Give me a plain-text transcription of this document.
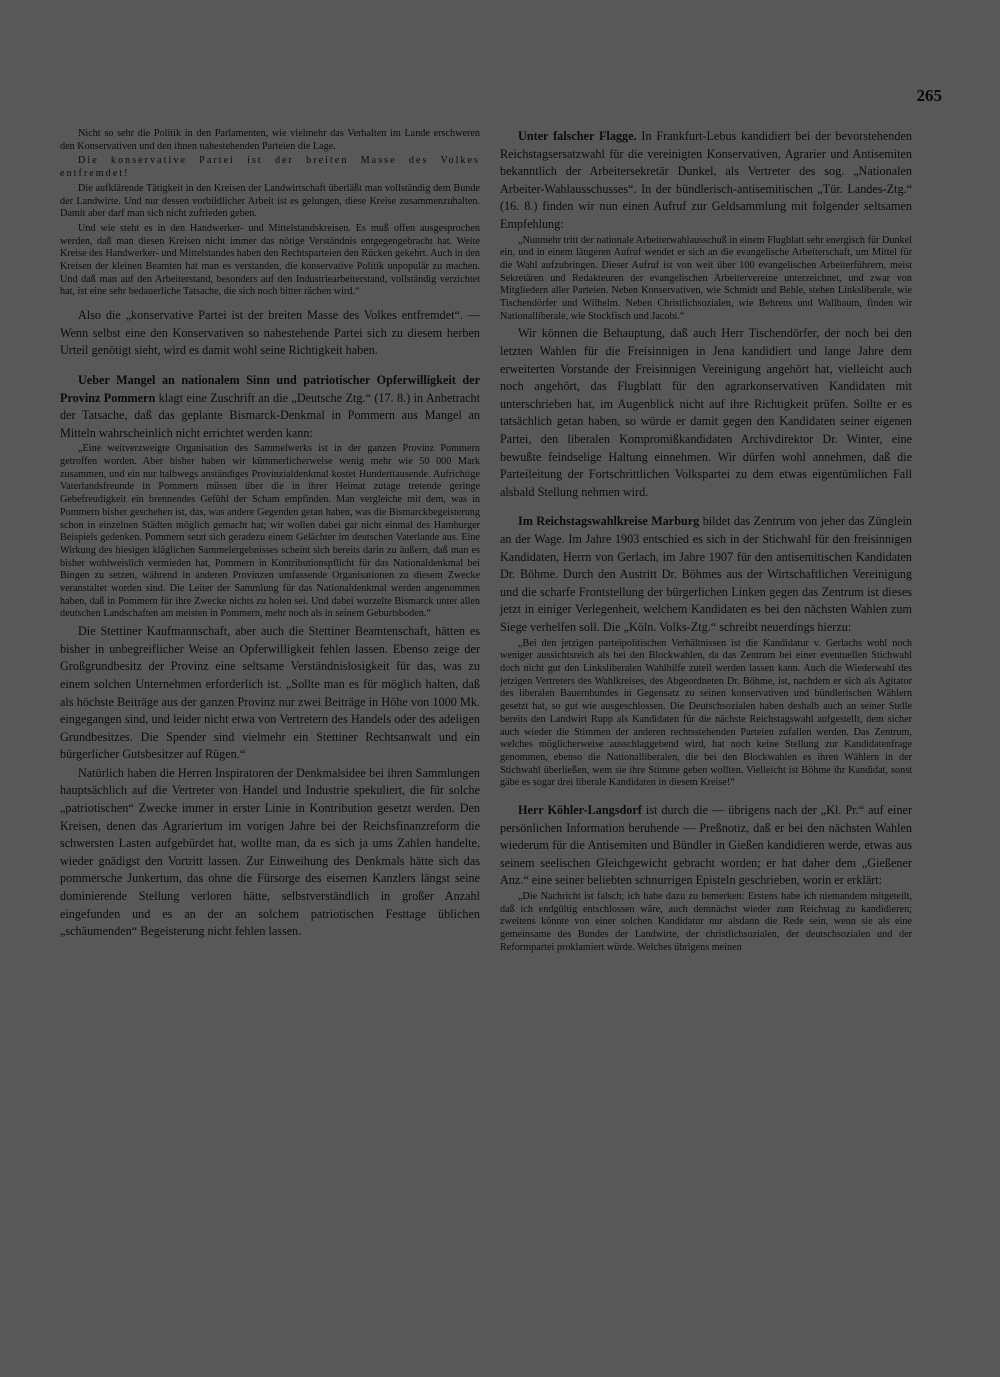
265

Nicht so sehr die Politik in den Parlamenten, wie vielmehr das Verhalten im Lande erschweren den Konservativen und den ihnen nahestehenden Parteien die Lage.

Die konservative Partei ist der breiten Masse des Volkes entfremdet!

Die aufklärende Tätigkeit in den Kreisen der Landwirtschaft überläßt man vollständig dem Bunde der Landwirte. Und nur dessen vorbildlicher Arbeit ist es gelungen, diese Kreise zusammenzuhalten. Damit aber darf man sich nicht zufrieden geben.

Und wie steht es in den Handwerker- und Mittelstandskreisen. Es muß offen ausgesprochen werden, daß man diesen Kreisen nicht immer das nötige Verständnis entgegengebracht hat. Weite Kreise des Handwerker- und Mittelstandes haben den Rechtsparteien den Rücken gekehrt. Auch in den Kreisen der kleinen Beamten hat man es verstanden, die konservative Politik unpopulär zu machen. Und daß man auf den Arbeiterstand, besonders auf den Industriearbeiterstand, vollständig verzichtet hat, ist eine sehr bedauerliche Tatsache, die sich noch bitter rächen wird.“

Also die „konservative Partei ist der breiten Masse des Volkes entfremdet“. — Wenn selbst eine den Konservativen so nahestehende Partei sich zu diesem herben Urteil genötigt sieht, wird es damit wohl seine Richtigkeit haben.

Ueber Mangel an nationalem Sinn und patriotischer Opferwilligkeit der Provinz Pommern klagt eine Zuschrift an die „Deutsche Ztg.“ (17. 8.) in Anbetracht der Tatsache, daß das geplante Bismarck-Denkmal in Pommern aus Mangel an Mitteln wahrscheinlich nicht errichtet werden kann:

„Eine weitverzweigte Organisation des Sammelwerks ist in der ganzen Provinz Pommern getroffen worden. Aber bisher haben wir kümmerlicherweise wenig mehr wie 50 000 Mark zusammen, und ein nur halbwegs anständiges Provinzialdenkmal kostet Hunderttausende. Aufrichtige Vaterlandsfreunde in Pommern müssen über die in ihrer Heimat zutage tretende geringe Gebefreudigkeit ein brennendes Gefühl der Scham empfinden. Man vergleiche mit dem, was in Pommern bisher geschehen ist, das, was andere Gegenden getan haben, was die Bismarckbegeisterung schon in einzelnen Städten möglich gemacht hat; wir wollen dabei gar nicht einmal des Hamburger Beispiels gedenken. Pommern setzt sich geradezu einem Gelächter im deutschen Vaterlande aus. Eine Wirkung des hiesigen kläglichen Sammelergebnisses scheint sich bereits darin zu äußern, daß man es bisher wohlweislich vermieden hat, Pommern in Kontributionspflicht für das Nationaldenkmal bei Bingen zu setzen, während in anderen Provinzen umfassende Organisationen zu diesem Zwecke veranstaltet worden sind. Die Leiter der Sammlung für das Nationaldenkmal werden angenommen haben, daß in Pommern für ihre Zwecke nichts zu holen sei. Und dabei wurzelte Bismarck unter allen deutschen Landschaften am meisten in Pommern, mehr noch als in seinem Geburtsboden.“

Die Stettiner Kaufmannschaft, aber auch die Stettiner Beamtenschaft, hätten es bisher in unbegreiflicher Weise an Opferwilligkeit fehlen lassen. Ebenso zeige der Großgrundbesitz der Provinz eine seltsame Verständnislosigkeit für das, was zu einem solchen Unternehmen erforderlich ist. „Sollte man es für möglich halten, daß als höchste Beiträge aus der ganzen Provinz nur zwei Beiträge in Höhe von 1000 Mk. eingegangen sind, und leider nicht etwa von Vertretern des Handels oder des adeligen Grundbesitzes. Die Spender sind vielmehr ein Stettiner Rechtsanwalt und ein bürgerlicher Gutsbesitzer auf Rügen.“

Natürlich haben die Herren Inspiratoren der Denkmalsidee bei ihren Sammlungen hauptsächlich auf die Vertreter von Handel und Industrie spekuliert, die für solche „patriotischen“ Zwecke immer in erster Linie in Kontribution gesetzt werden. Den Kreisen, denen das Agrariertum im vorigen Jahre bei der Reichsfinanzreform die schwersten Lasten aufgebürdet hat, wollte man, da es sich ja ums Zahlen handelte, wieder gnädigst den Vortritt lassen. Zur Einweihung des Denkmals hätte sich das pommersche Junkertum, das ohne die Fürsorge des eisernen Kanzlers längst seine dominierende Stellung verloren hätte, selbstverständlich in großer Anzahl eingefunden und es an der an solchem patriotischen Festtage üblichen „schäumenden“ Begeisterung nicht fehlen lassen.

Unter falscher Flagge. In Frankfurt-Lebus kandidiert bei der bevorstehenden Reichstagsersatzwahl für die vereinigten Konservativen, Agrarier und Antisemiten bekanntlich der Arbeitersekretär Dunkel, als Vertreter des sog. „Nationalen Arbeiter-Wahlausschusses“. In der bündlerisch-antisemitischen „Tür. Landes-Ztg.“ (16. 8.) finden wir nun einen Aufruf zur Geldsammlung mit folgender seltsamen Empfehlung:

„Nunmehr tritt der nationale Arbeiterwahlausschuß in einem Flugblatt sehr energisch für Dunkel ein, und in einem längeren Aufruf wendet er sich an die evangelische Arbeiterschaft, um Mittel für die Wahl aufzubringen. Dieser Aufruf ist von weit über 100 evangelischen Arbeiterführern, meist Sekretären und Redakteuren der evangelischen Arbeitervereine unterzeichnet, und zwar von Mitgliedern aller Parteien. Neben Konservativen, wie Schmidt und Behle, stehen Linksliberale, wie Tischendörfer und Wilhelm. Neben Christlichsozialen, wie Behrens und Wallbaum, finden wir Nationalliberale, wie Stockfisch und Jacobi.“

Wir können die Behauptung, daß auch Herr Tischendörfer, der noch bei den letzten Wahlen für die Freisinnigen in Jena kandidiert und lange Jahre dem erweiterten Vorstande der Freisinnigen Vereinigung angehört hat, vielleicht auch noch angehört, das Flugblatt für den agrarkonservativen Kandidaten mit unterschrieben hat, im Augenblick nicht auf ihre Richtigkeit prüfen. Sollte er es tatsächlich getan haben, so würde er damit gegen den Kandidaten seiner eigenen Partei, den liberalen Kompromißkandidaten Archivdirektor Dr. Winter, eine bewußte feindselige Haltung einnehmen. Wir dürfen wohl annehmen, daß die Parteileitung der Fortschrittlichen Volkspartei zu dem etwas eigentümlichen Fall alsbald Stellung nehmen wird.

Im Reichstagswahlkreise Marburg bildet das Zentrum von jeher das Zünglein an der Wage. Im Jahre 1903 entschied es sich in der Stichwahl für den freisinnigen Kandidaten, Herrn von Gerlach, im Jahre 1907 für den antisemitischen Kandidaten Dr. Böhme. Durch den Austritt Dr. Böhmes aus der Wirtschaftlichen Vereinigung und die scharfe Frontstellung der bürgerlichen Linken gegen das Zentrum ist dieses jetzt in einiger Verlegenheit, welchem Kandidaten es bei den nächsten Wahlen zum Siege verhelfen soll. Die „Köln. Volks-Ztg.“ schreibt neuerdings hierzu:

„Bei den jetzigen parteipolitischen Verhältnissen ist die Kandidatur v. Gerlachs wohl noch weniger aussichtsreich als bei den Blockwahlen, da das Zentrum bei einer eventuellen Stichwahl doch nicht gut den Linksliberalen Wahlhilfe zuteil werden lassen kann. Auch die Wiederwahl des jetzigen Vertreters des Wahlkreises, des Abgeordneten Dr. Böhme, ist, nachdem er sich als Agitator des liberalen Bauernbundes in Gegensatz zu seinen konservativen und bündlerischen Wählern gesetzt hat, so gut wie ausgeschlossen. Die Deutschsozialen haben deshalb auch an seiner Stelle bereits den Landwirt Rupp als Kandidaten für die nächste Reichstagswahl aufgestellt, dem sicher auch wieder die Stimmen der anderen rechtsstehenden Parteien zufallen werden. Das Zentrum, welches möglicherweise ausschlaggebend wird, hat noch keine Stellung zur Kandidatenfrage genommen, ebenso die Nationalliberalen, die bei den Blockwahlen es ihren Wählern in der Stichwahl überließen, wem sie ihre Stimme geben wollten. Vielleicht ist Böhme ihr Kandidat, sonst gäbe es sogar drei liberale Kandidaten in diesem Kreise!“

Herr Köhler-Langsdorf ist durch die — übrigens nach der „Kl. Pr.“ auf einer persönlichen Information beruhende — Preßnotiz, daß er bei den nächsten Wahlen wiederum für die Antisemiten und Bündler in Gießen kandidieren werde, etwas aus seinem seelischen Gleichgewicht gebracht worden; er hat daher dem „Gießener Anz.“ eine seiner beliebten schnurrigen Episteln geschrieben, worin er erklärt:

„Die Nachricht ist falsch; ich habe dazu zu bemerken: Erstens habe ich niemandem mitgeteilt, daß ich endgültig entschlossen wäre, auch demnächst wieder zum Reichstag zu kandidieren; zweitens könnte von einer solchen Kandidatur nur alsdann die Rede sein, wenn sie als eine gemeinsame des Bundes der Landwirte, der christlichsozialen, der deutschsozialen und der Reformpartei proklamiert würde. Welches übrigens meinen
